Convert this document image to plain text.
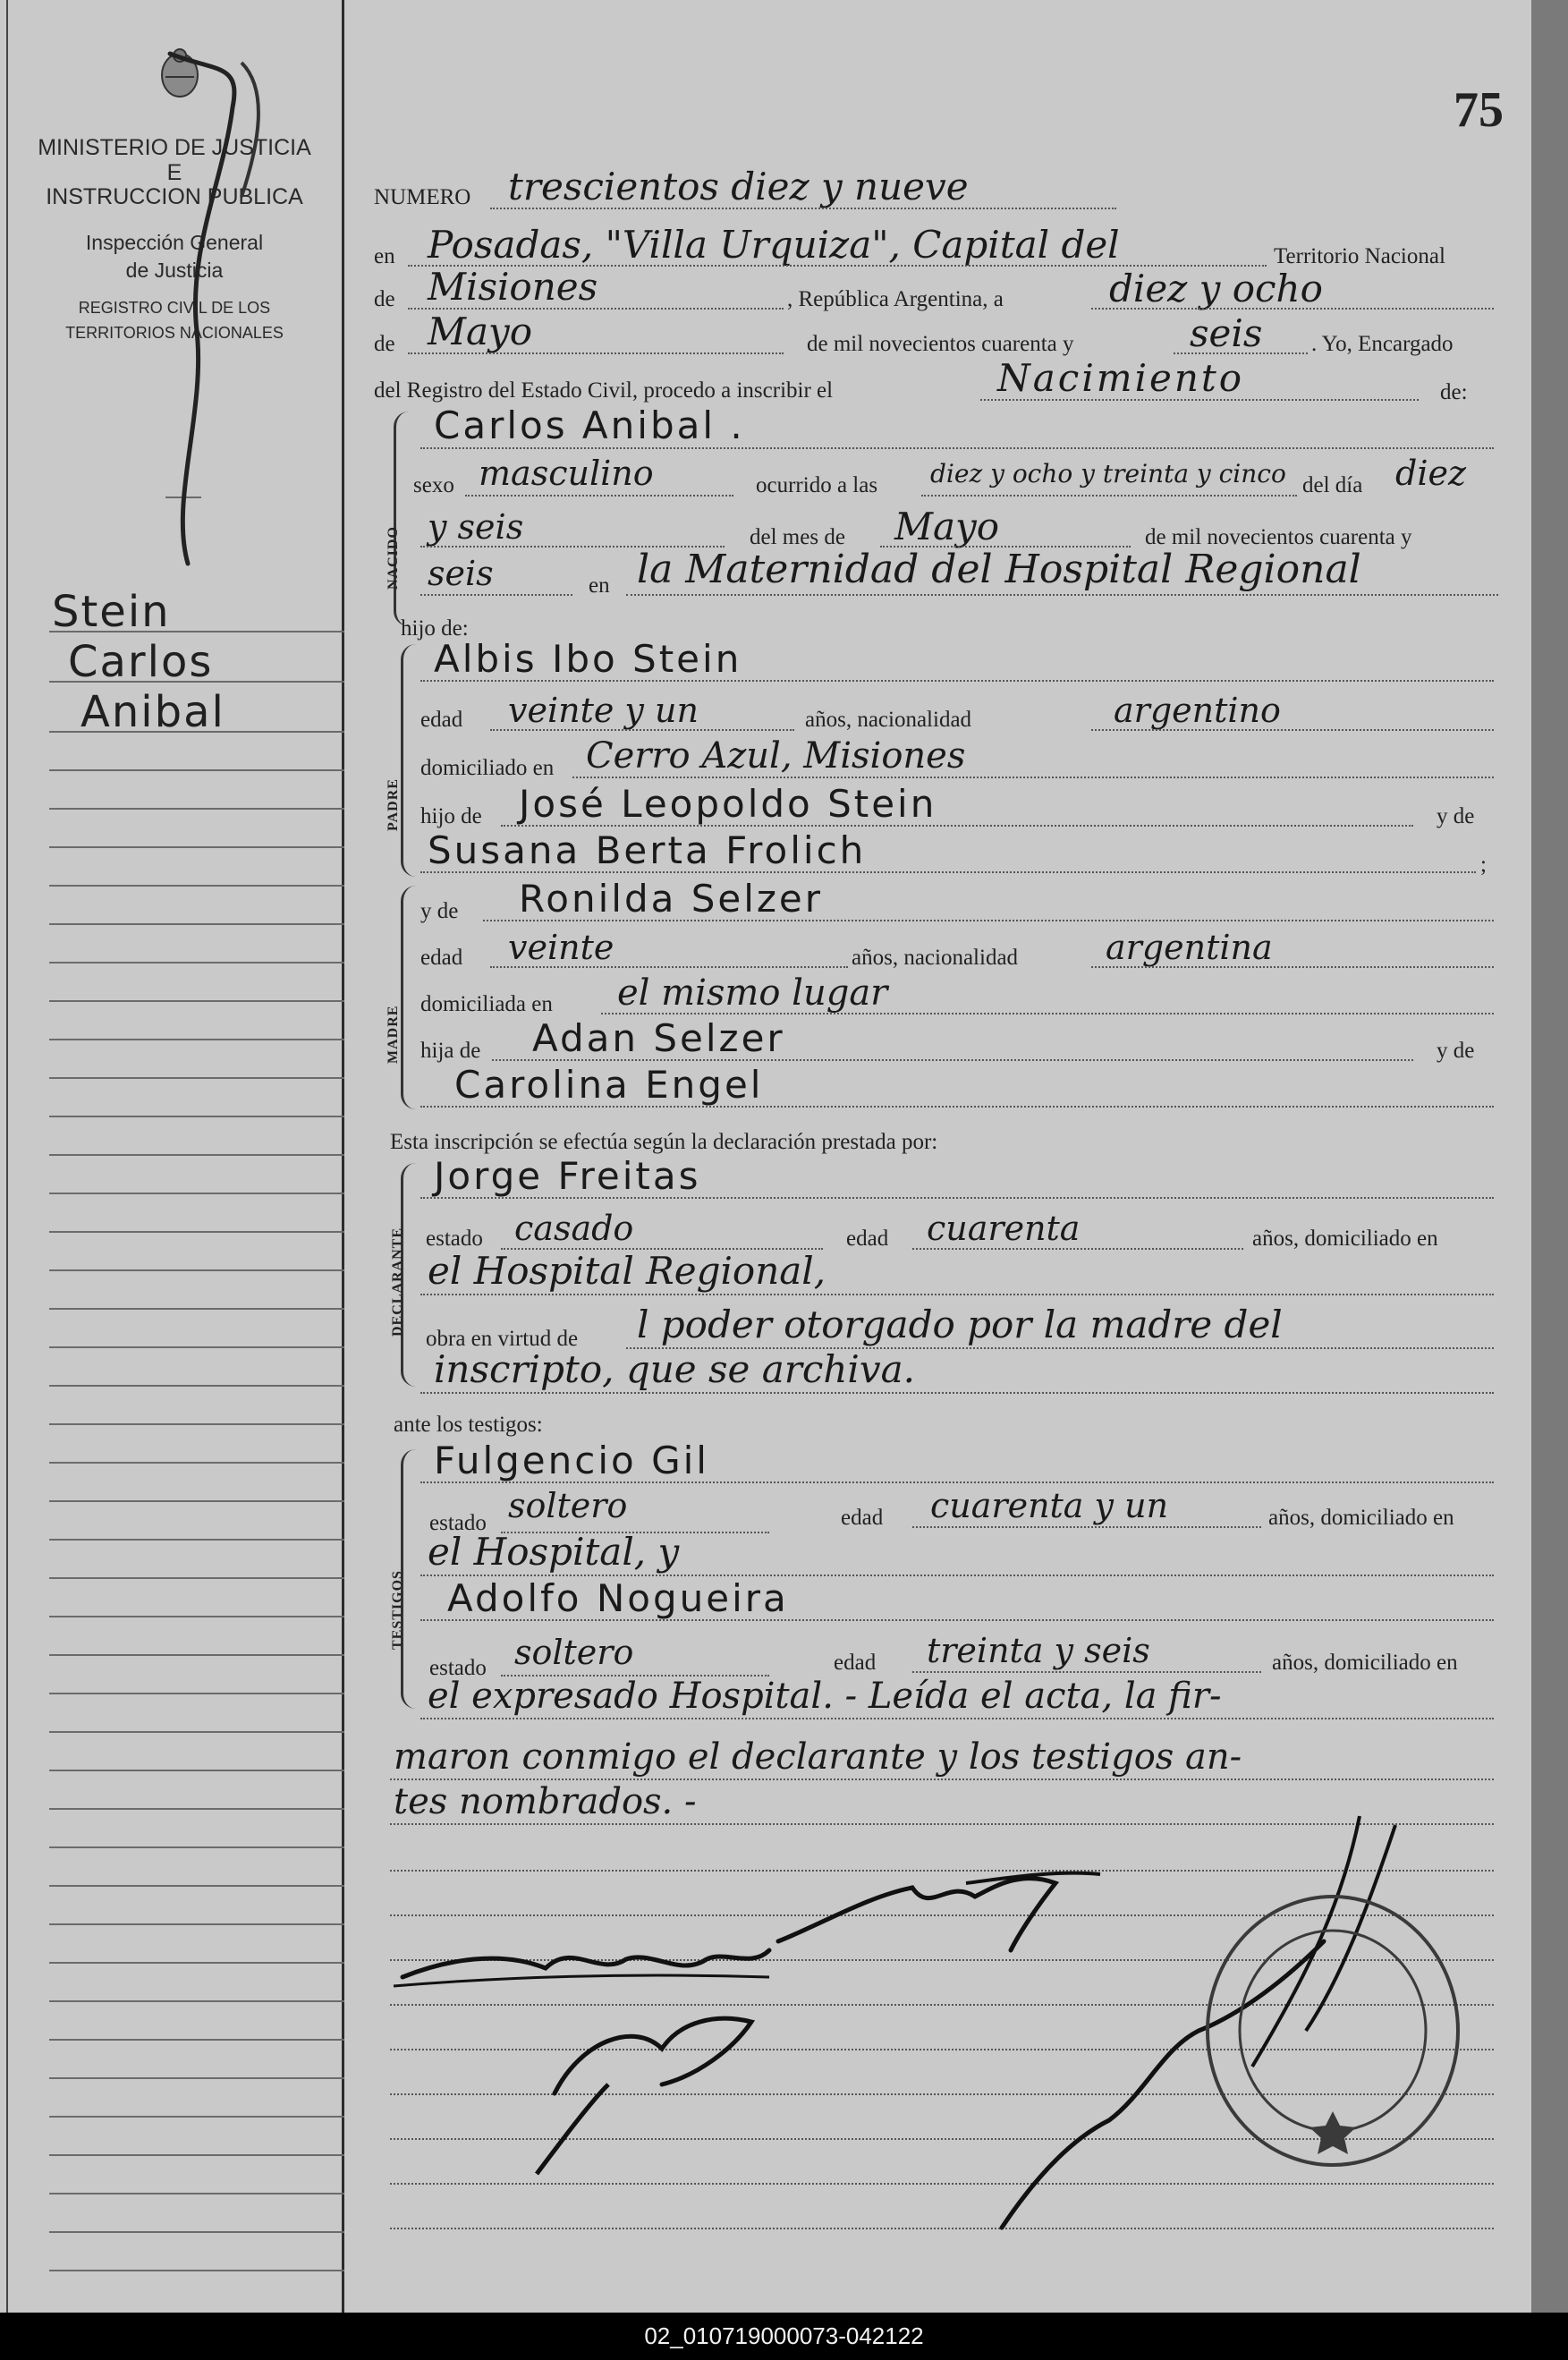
75
MINISTERIO DE JUSTICIA
E
INSTRUCCION PUBLICA
Inspección General
de Justicia
REGISTRO CIVIL DE LOS
TERRITORIOS NACIONALES
Stein
Carlos
Anibal
NUMERO trescientos diez y nueve
en Posadas, "Villa Urquiza", Capital del	Territorio Nacional
de Misiones	, República Argentina, a	diez y ocho
de Mayo	de mil novecientos cuarenta y	seis . Yo, Encargado
del Registro del Estado Civil, procedo a inscribir el	Nacimiento	de:
NACIDO
Carlos Anibal .
sexo masculino	ocurrido a las diez y ocho y treinta y cinco del día diez
y seis	del mes de Mayo	de mil novecientos cuarenta y
seis	en la Maternidad del Hospital Regional
hijo de:
PADRE
Albis Ibo Stein
edad veinte y un	años, nacionalidad	argentino
domiciliado en Cerro Azul, Misiones
hijo de José Leopoldo Stein	y de
Susana Berta Frolich	;
MADRE
y de Ronilda Selzer
edad veinte	años, nacionalidad	argentina
domiciliada en el mismo lugar
hija de Adan Selzer	y de
Carolina Engel
Esta inscripción se efectúa según la declaración prestada por:
DECLARANTE
Jorge Freitas
estado casado	edad cuarenta	años, domiciliado en
el Hospital Regional,
obra en virtud de l poder otorgado por la madre del
inscripto, que se archiva.
ante los testigos:
TESTIGOS
Fulgencio Gil
estado soltero	edad cuarenta y un	años, domiciliado en
el Hospital, y
Adolfo Nogueira
estado soltero	edad treinta y seis	años, domiciliado en
el expresado Hospital. - Leída el acta, la fir-
maron conmigo el declarante y los testigos an-
tes nombrados. -
02_010719000073-042122
